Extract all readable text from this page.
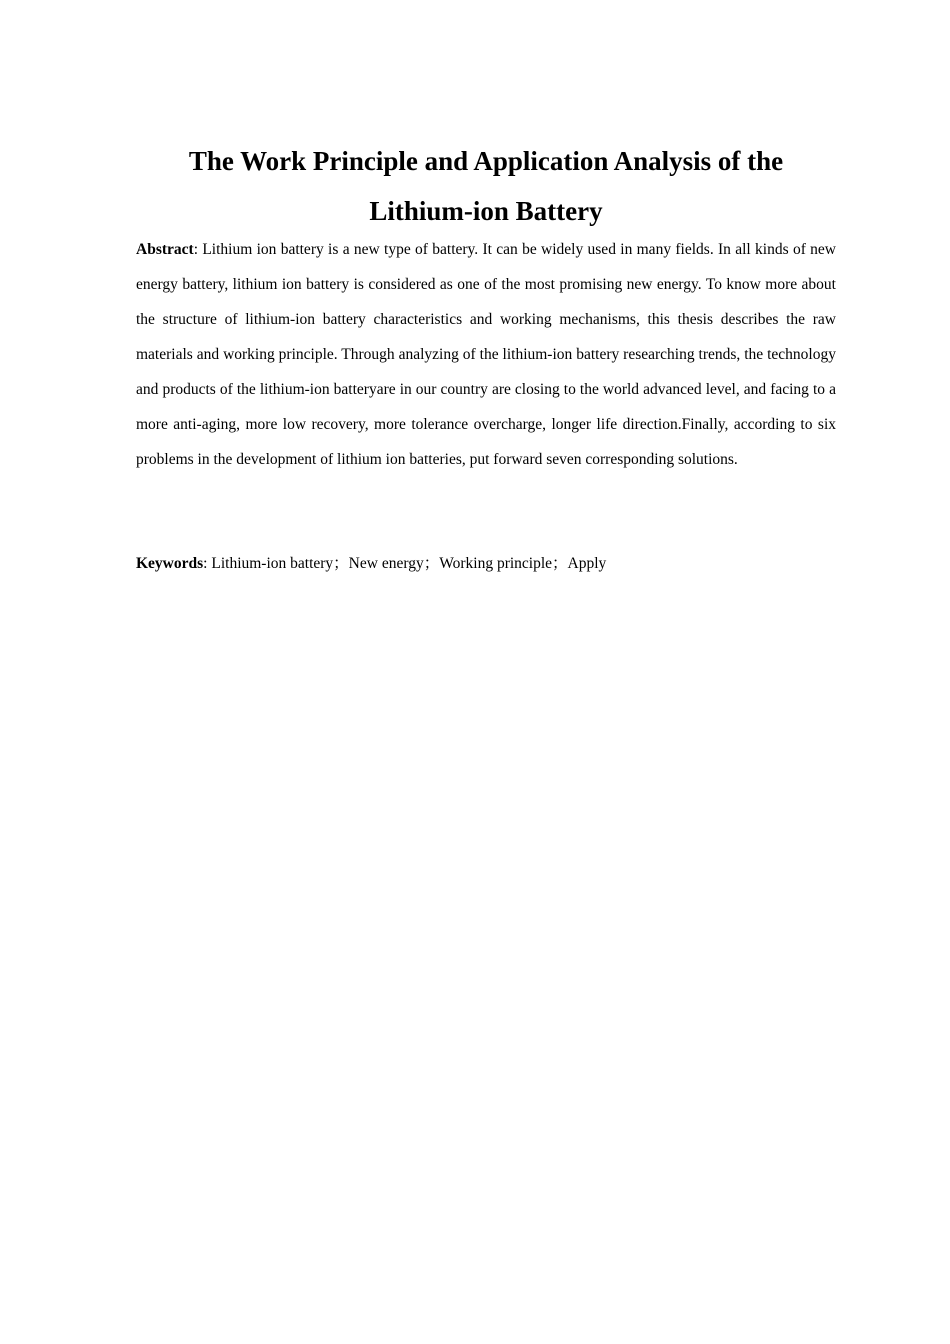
The Work Principle and Application Analysis of the
Lithium-ion Battery

Abstract: Lithium ion battery is a new type of battery. It can be widely used in many fields. In all kinds of new energy battery, lithium ion battery is considered as one of the most promising new energy. To know more about the structure of lithium-ion battery characteristics and working mechanisms, this thesis describes the raw materials and working principle. Through analyzing of the lithium-ion battery researching trends, the technology and products of the lithium-ion batteryare in our country are closing to the world advanced level, and facing to a more anti-aging, more low recovery, more tolerance overcharge, longer life direction.Finally, according to six problems in the development of lithium ion batteries, put forward seven corresponding solutions.

Keywords: Lithium-ion battery；New energy；Working principle；Apply
